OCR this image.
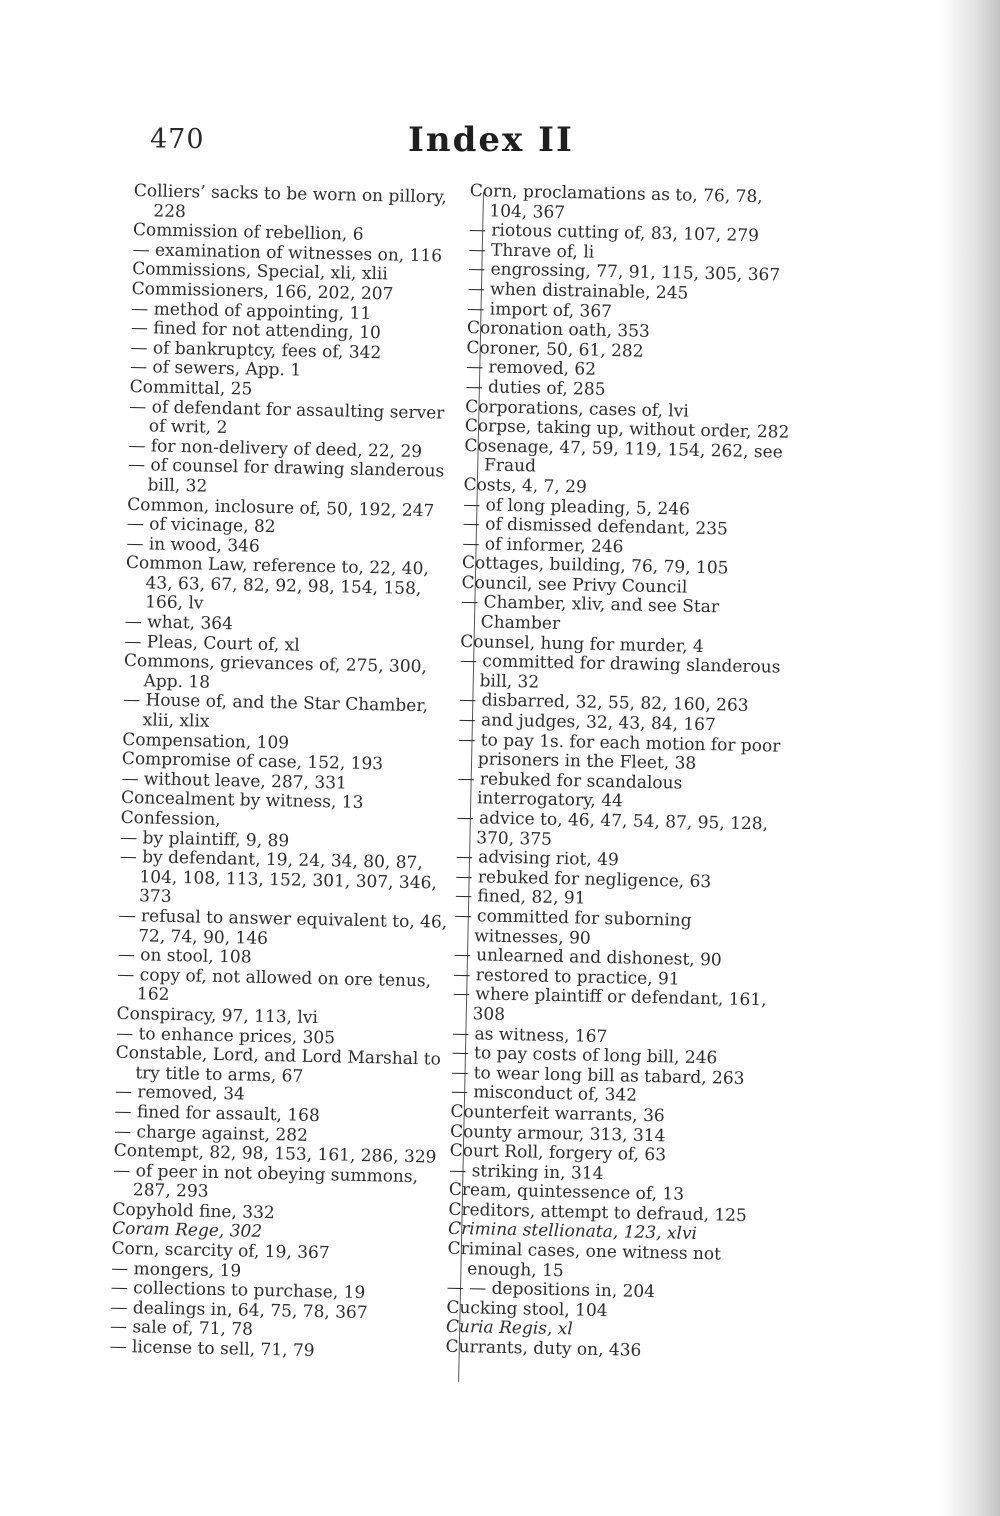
470	Index II

Colliers’ sacks to be worn on pillory, 228

Commission of rebellion, 6

— examination of witnesses on, 116

Commissions, Special, xli, xlii

Commissioners, 166, 202, 207

— method of appointing, 11

— fined for not attending, 10

— of bankruptcy, fees of, 342

— of sewers, App. 1

Committal, 25

— of defendant for assaulting server of writ, 2

— for non-delivery of deed, 22, 29

— of counsel for drawing slanderous bill, 32

Common, inclosure of, 50, 192, 247

— of vicinage, 82

— in wood, 346

Common Law, reference to, 22, 40, 43, 63, 67, 82, 92, 98, 154, 158, 166, lv

— what, 364

— Pleas, Court of, xl

Commons, grievances of, 275, 300, App. 18

— House of, and the Star Chamber, xlii, xlix

Compensation, 109

Compromise of case, 152, 193

— without leave, 287, 331

Concealment by witness, 13

Confession,

— by plaintiff, 9, 89

— by defendant, 19, 24, 34, 80, 87, 104, 108, 113, 152, 301, 307, 346, 373

— refusal to answer equivalent to, 46, 72, 74, 90, 146

— on stool, 108

— copy of, not allowed on ore tenus, 162

Conspiracy, 97, 113, lvi

— to enhance prices, 305

Constable, Lord, and Lord Marshal to try title to arms, 67

— removed, 34

— fined for assault, 168

— charge against, 282

Contempt, 82, 98, 153, 161, 286, 329

— of peer in not obeying summons, 287, 293

Copyhold fine, 332

Coram Rege, 302

Corn, scarcity of, 19, 367

— mongers, 19

— collections to purchase, 19

— dealings in, 64, 75, 78, 367

— sale of, 71, 78

— license to sell, 71, 79

Corn, proclamations as to, 76, 78, 104, 367

— riotous cutting of, 83, 107, 279

— Thrave of, li

— engrossing, 77, 91, 115, 305, 367

— when distrainable, 245

— import of, 367

Coronation oath, 353

Coroner, 50, 61, 282

— removed, 62

— duties of, 285

Corporations, cases of, lvi

Corpse, taking up, without order, 282

Cosenage, 47, 59, 119, 154, 262, see Fraud

Costs, 4, 7, 29

— of long pleading, 5, 246

— of dismissed defendant, 235

— of informer, 246

Cottages, building, 76, 79, 105

Council, see Privy Council

— Chamber, xliv, and see Star Chamber

Counsel, hung for murder, 4

— committed for drawing slanderous bill, 32

— disbarred, 32, 55, 82, 160, 263

— and judges, 32, 43, 84, 167

— to pay 1s. for each motion for poor prisoners in the Fleet, 38

— rebuked for scandalous interrogatory, 44

— advice to, 46, 47, 54, 87, 95, 128, 370, 375

— advising riot, 49

— rebuked for negligence, 63

— fined, 82, 91

— committed for suborning witnesses, 90

— unlearned and dishonest, 90

— restored to practice, 91

— where plaintiff or defendant, 161, 308

— as witness, 167

— to pay costs of long bill, 246

— to wear long bill as tabard, 263

— misconduct of, 342

Counterfeit warrants, 36

County armour, 313, 314

Court Roll, forgery of, 63

— striking in, 314

Cream, quintessence of, 13

Creditors, attempt to defraud, 125

Crimina stellionata, 123, xlvi

Criminal cases, one witness not enough, 15

— — depositions in, 204

Cucking stool, 104

Curia Regis, xl

Currants, duty on, 436
